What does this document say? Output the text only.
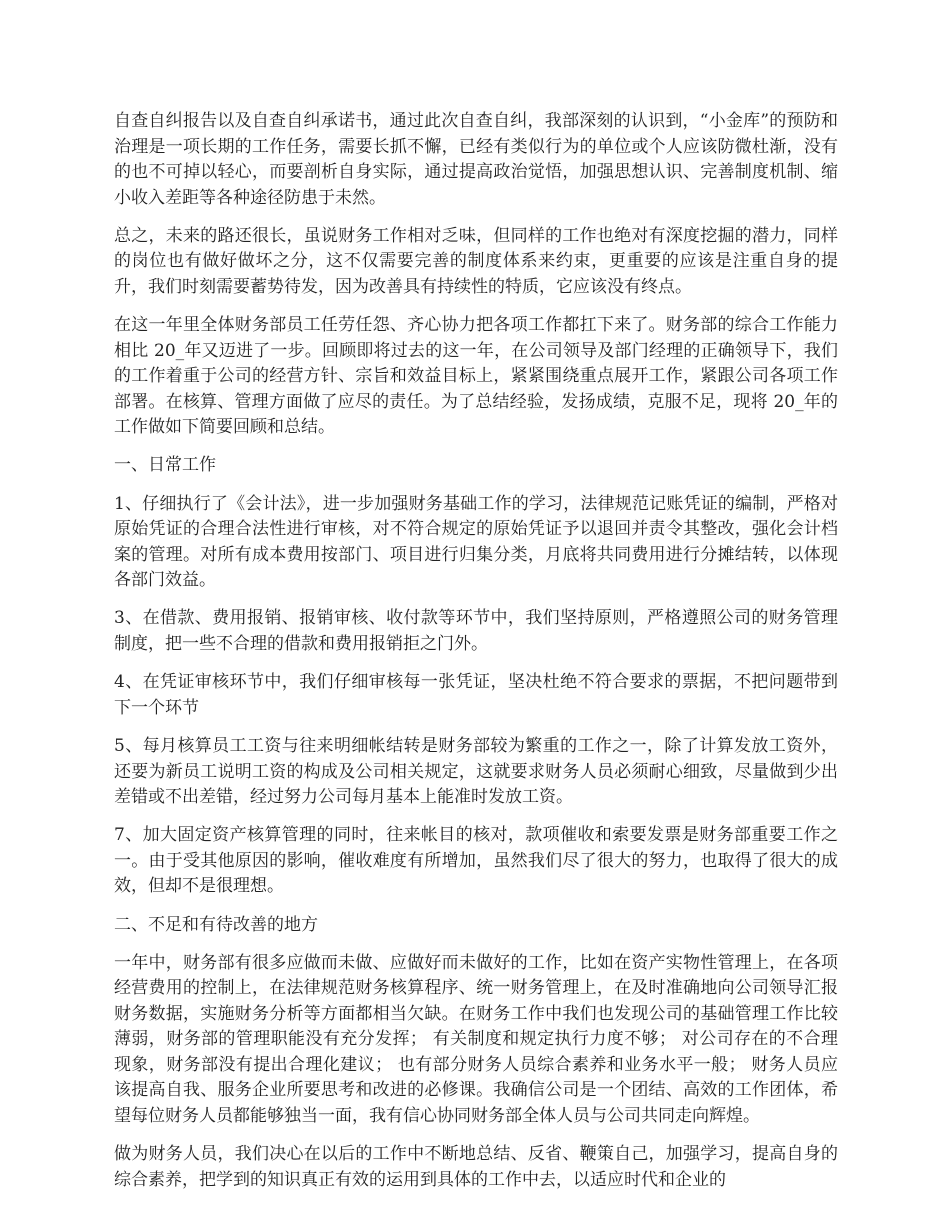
自查自纠报告以及自查自纠承诺书，通过此次自查自纠，我部深刻的认识到，“小金库”的预防和治理是一项长期的工作任务，需要长抓不懈，已经有类似行为的单位或个人应该防微杜渐，没有的也不可掉以轻心，而要剖析自身实际，通过提高政治觉悟，加强思想认识、完善制度机制、缩小收入差距等各种途径防患于未然。

总之，未来的路还很长，虽说财务工作相对乏味，但同样的工作也绝对有深度挖掘的潜力，同样的岗位也有做好做坏之分，这不仅需要完善的制度体系来约束，更重要的应该是注重自身的提升，我们时刻需要蓄势待发，因为改善具有持续性的特质，它应该没有终点。

在这一年里全体财务部员工任劳任怨、齐心协力把各项工作都扛下来了。财务部的综合工作能力相比 20_年又迈进了一步。回顾即将过去的这一年，在公司领导及部门经理的正确领导下，我们的工作着重于公司的经营方针、宗旨和效益目标上，紧紧围绕重点展开工作，紧跟公司各项工作部署。在核算、管理方面做了应尽的责任。为了总结经验，发扬成绩，克服不足，现将 20_年的工作做如下简要回顾和总结。

一、日常工作

1、仔细执行了《会计法》，进一步加强财务基础工作的学习，法律规范记账凭证的编制，严格对原始凭证的合理合法性进行审核，对不符合规定的原始凭证予以退回并责令其整改，强化会计档案的管理。对所有成本费用按部门、项目进行归集分类，月底将共同费用进行分摊结转，以体现各部门效益。

3、在借款、费用报销、报销审核、收付款等环节中，我们坚持原则，严格遵照公司的财务管理制度，把一些不合理的借款和费用报销拒之门外。

4、在凭证审核环节中，我们仔细审核每一张凭证，坚决杜绝不符合要求的票据，不把问题带到下一个环节

5、每月核算员工工资与往来明细帐结转是财务部较为繁重的工作之一，除了计算发放工资外，还要为新员工说明工资的构成及公司相关规定，这就要求财务人员必须耐心细致，尽量做到少出差错或不出差错，经过努力公司每月基本上能准时发放工资。

7、加大固定资产核算管理的同时，往来帐目的核对，款项催收和索要发票是财务部重要工作之一。由于受其他原因的影响，催收难度有所增加，虽然我们尽了很大的努力，也取得了很大的成效，但却不是很理想。

二、不足和有待改善的地方

一年中，财务部有很多应做而未做、应做好而未做好的工作，比如在资产实物性管理上，在各项经营费用的控制上，在法律规范财务核算程序、统一财务管理上，在及时准确地向公司领导汇报财务数据，实施财务分析等方面都相当欠缺。在财务工作中我们也发现公司的基础管理工作比较薄弱，财务部的管理职能没有充分发挥； 有关制度和规定执行力度不够； 对公司存在的不合理现象，财务部没有提出合理化建议； 也有部分财务人员综合素养和业务水平一般； 财务人员应该提高自我、服务企业所要思考和改进的必修课。我确信公司是一个团结、高效的工作团体，希望每位财务人员都能够独当一面，我有信心协同财务部全体人员与公司共同走向辉煌。

做为财务人员，我们决心在以后的工作中不断地总结、反省、鞭策自己，加强学习，提高自身的综合素养，把学到的知识真正有效的运用到具体的工作中去，以适应时代和企业的
